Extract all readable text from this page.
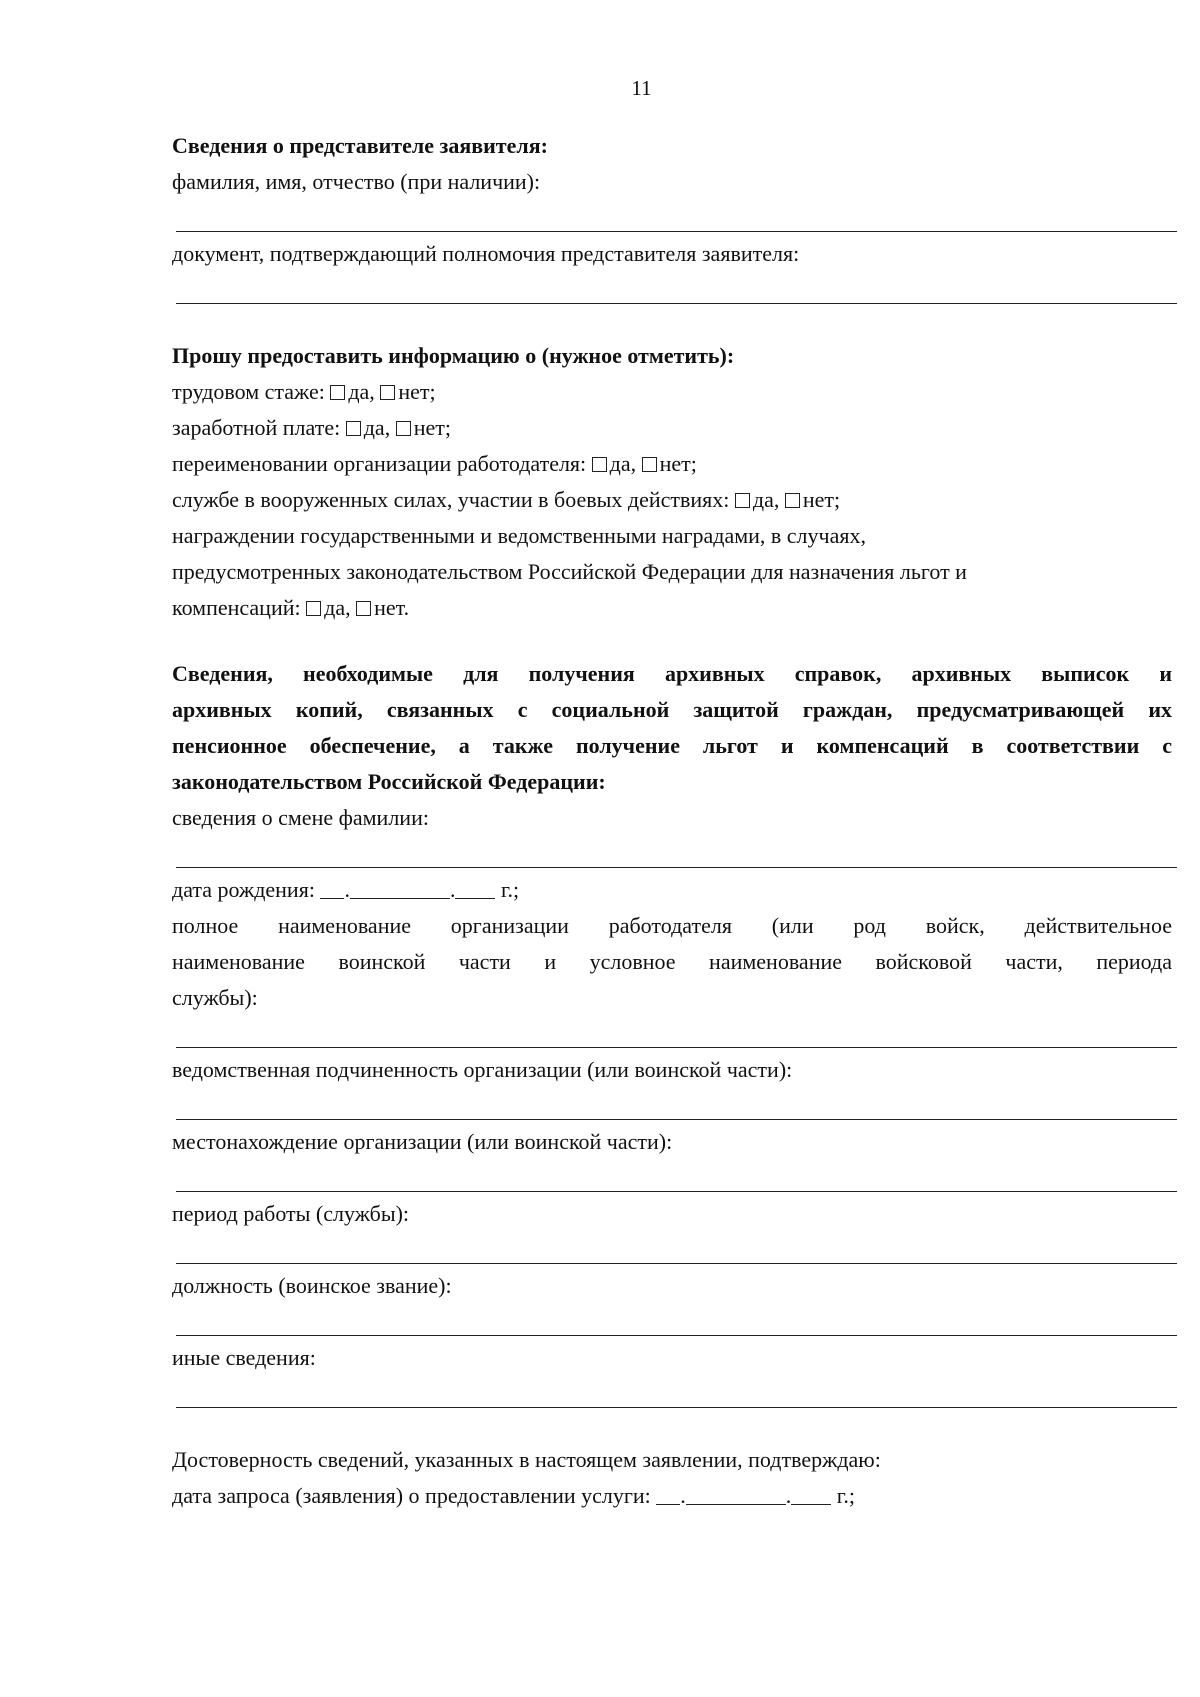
11
Сведения о представителе заявителя:
фамилия, имя, отчество (при наличии):
документ, подтверждающий полномочия представителя заявителя:
Прошу предоставить информацию о (нужное отметить):
трудовом стаже: да, нет;
заработной плате: да, нет;
переименовании организации работодателя: да, нет;
службе в вооруженных силах, участии в боевых действиях: да, нет;
награждении государственными и ведомственными наградами, в случаях,
предусмотренных законодательством Российской Федерации для назначения льгот и
компенсаций: да, нет.
Сведения, необходимые для получения архивных справок, архивных выписок и
архивных копий, связанных с социальной защитой граждан, предусматривающей их
пенсионное обеспечение, а также получение льгот и компенсаций в соответствии с
законодательством Российской Федерации:
сведения о смене фамилии:
дата рождения: .	. г.;
полное наименование организации работодателя (или род войск, действительное
наименование воинской части и условное наименование войсковой части, периода
службы):
ведомственная подчиненность организации (или воинской части):
местонахождение организации (или воинской части):
период работы (службы):
должность (воинское звание):
иные сведения:
Достоверность сведений, указанных в настоящем заявлении, подтверждаю:
дата запроса (заявления) о предоставлении услуги: .	. г.;
